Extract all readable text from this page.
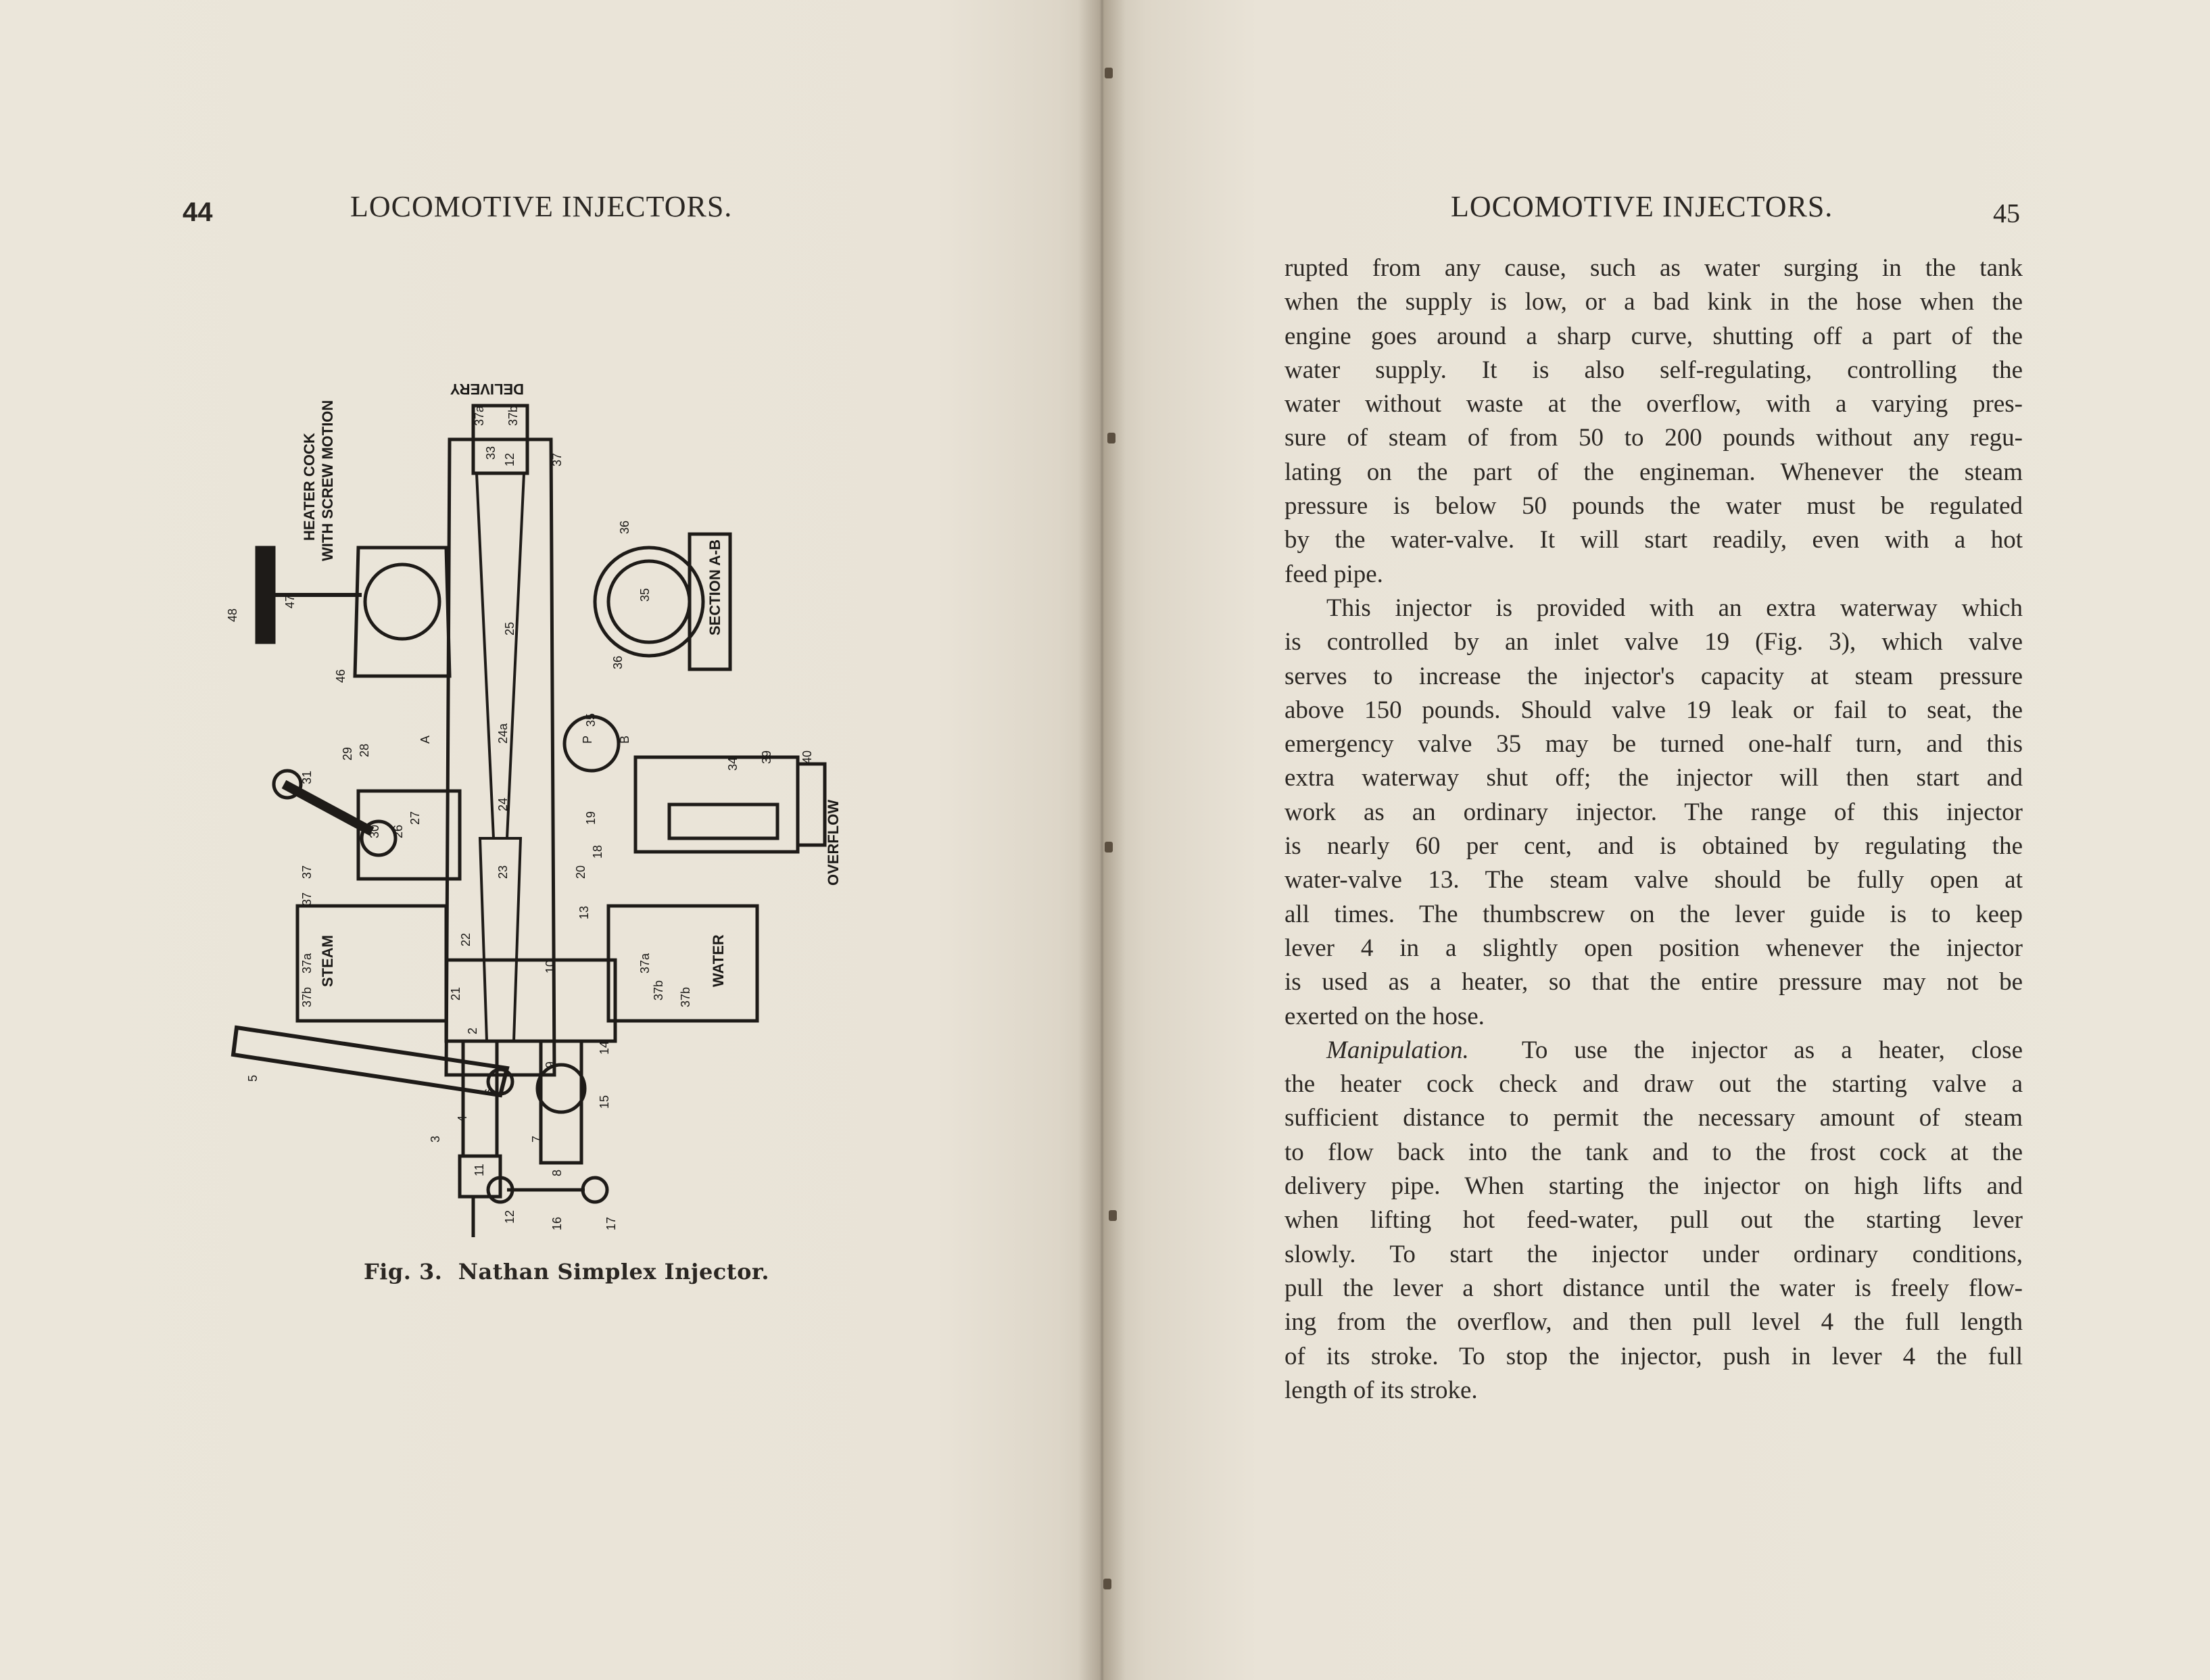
44	LOCOMOTIVE INJECTORS.
DELIVERY
HEATER COCK WITH SCREW MOTION
SECTION A-B
STEAM	WATER
OVERFLOW
37a 37b
33 12	37
25
36
35
48
47
46
36
A	24a
35
B
P
29 28
31
26
27
30
24
34 39
23
40
19
18
20
37
22
13
37a
37b
10
37b
21
2
14
6
9
15
5
4
3	7
8
11
12	16	17
37a
37b
37
Fig. 3. Nathan Simplex Injector.
LOCOMOTIVE INJECTORS.	45
rupted from any cause, such as water surging in the tank
when the supply is low, or a bad kink in the hose when the
engine goes around a sharp curve, shutting off a part of the
water supply. It is also self-regulating, controlling the
water without waste at the overflow, with a varying pres-
sure of steam of from 50 to 200 pounds without any regu-
lating on the part of the engineman. Whenever the steam
pressure is below 50 pounds the water must be regulated
by the water-valve. It will start readily, even with a hot
feed pipe.
This injector is provided with an extra waterway which
is controlled by an inlet valve 19 (Fig. 3), which valve
serves to increase the injector's capacity at steam pressure
above 150 pounds. Should valve 19 leak or fail to seat, the
emergency valve 35 may be turned one-half turn, and this
extra waterway shut off; the injector will then start and
work as an ordinary injector. The range of this injector
is nearly 60 per cent, and is obtained by regulating the
water-valve 13. The steam valve should be fully open at
all times. The thumbscrew on the lever guide is to keep
lever 4 in a slightly open position whenever the injector
is used as a heater, so that the entire pressure may not be
exerted on the hose.
Manipulation. To use the injector as a heater, close
the heater cock check and draw out the starting valve a
sufficient distance to permit the necessary amount of steam
to flow back into the tank and to the frost cock at the
delivery pipe. When starting the injector on high lifts and
when lifting hot feed-water, pull out the starting lever
slowly. To start the injector under ordinary conditions,
pull the lever a short distance until the water is freely flow-
ing from the overflow, and then pull level 4 the full length
of its stroke. To stop the injector, push in lever 4 the full
length of its stroke.
